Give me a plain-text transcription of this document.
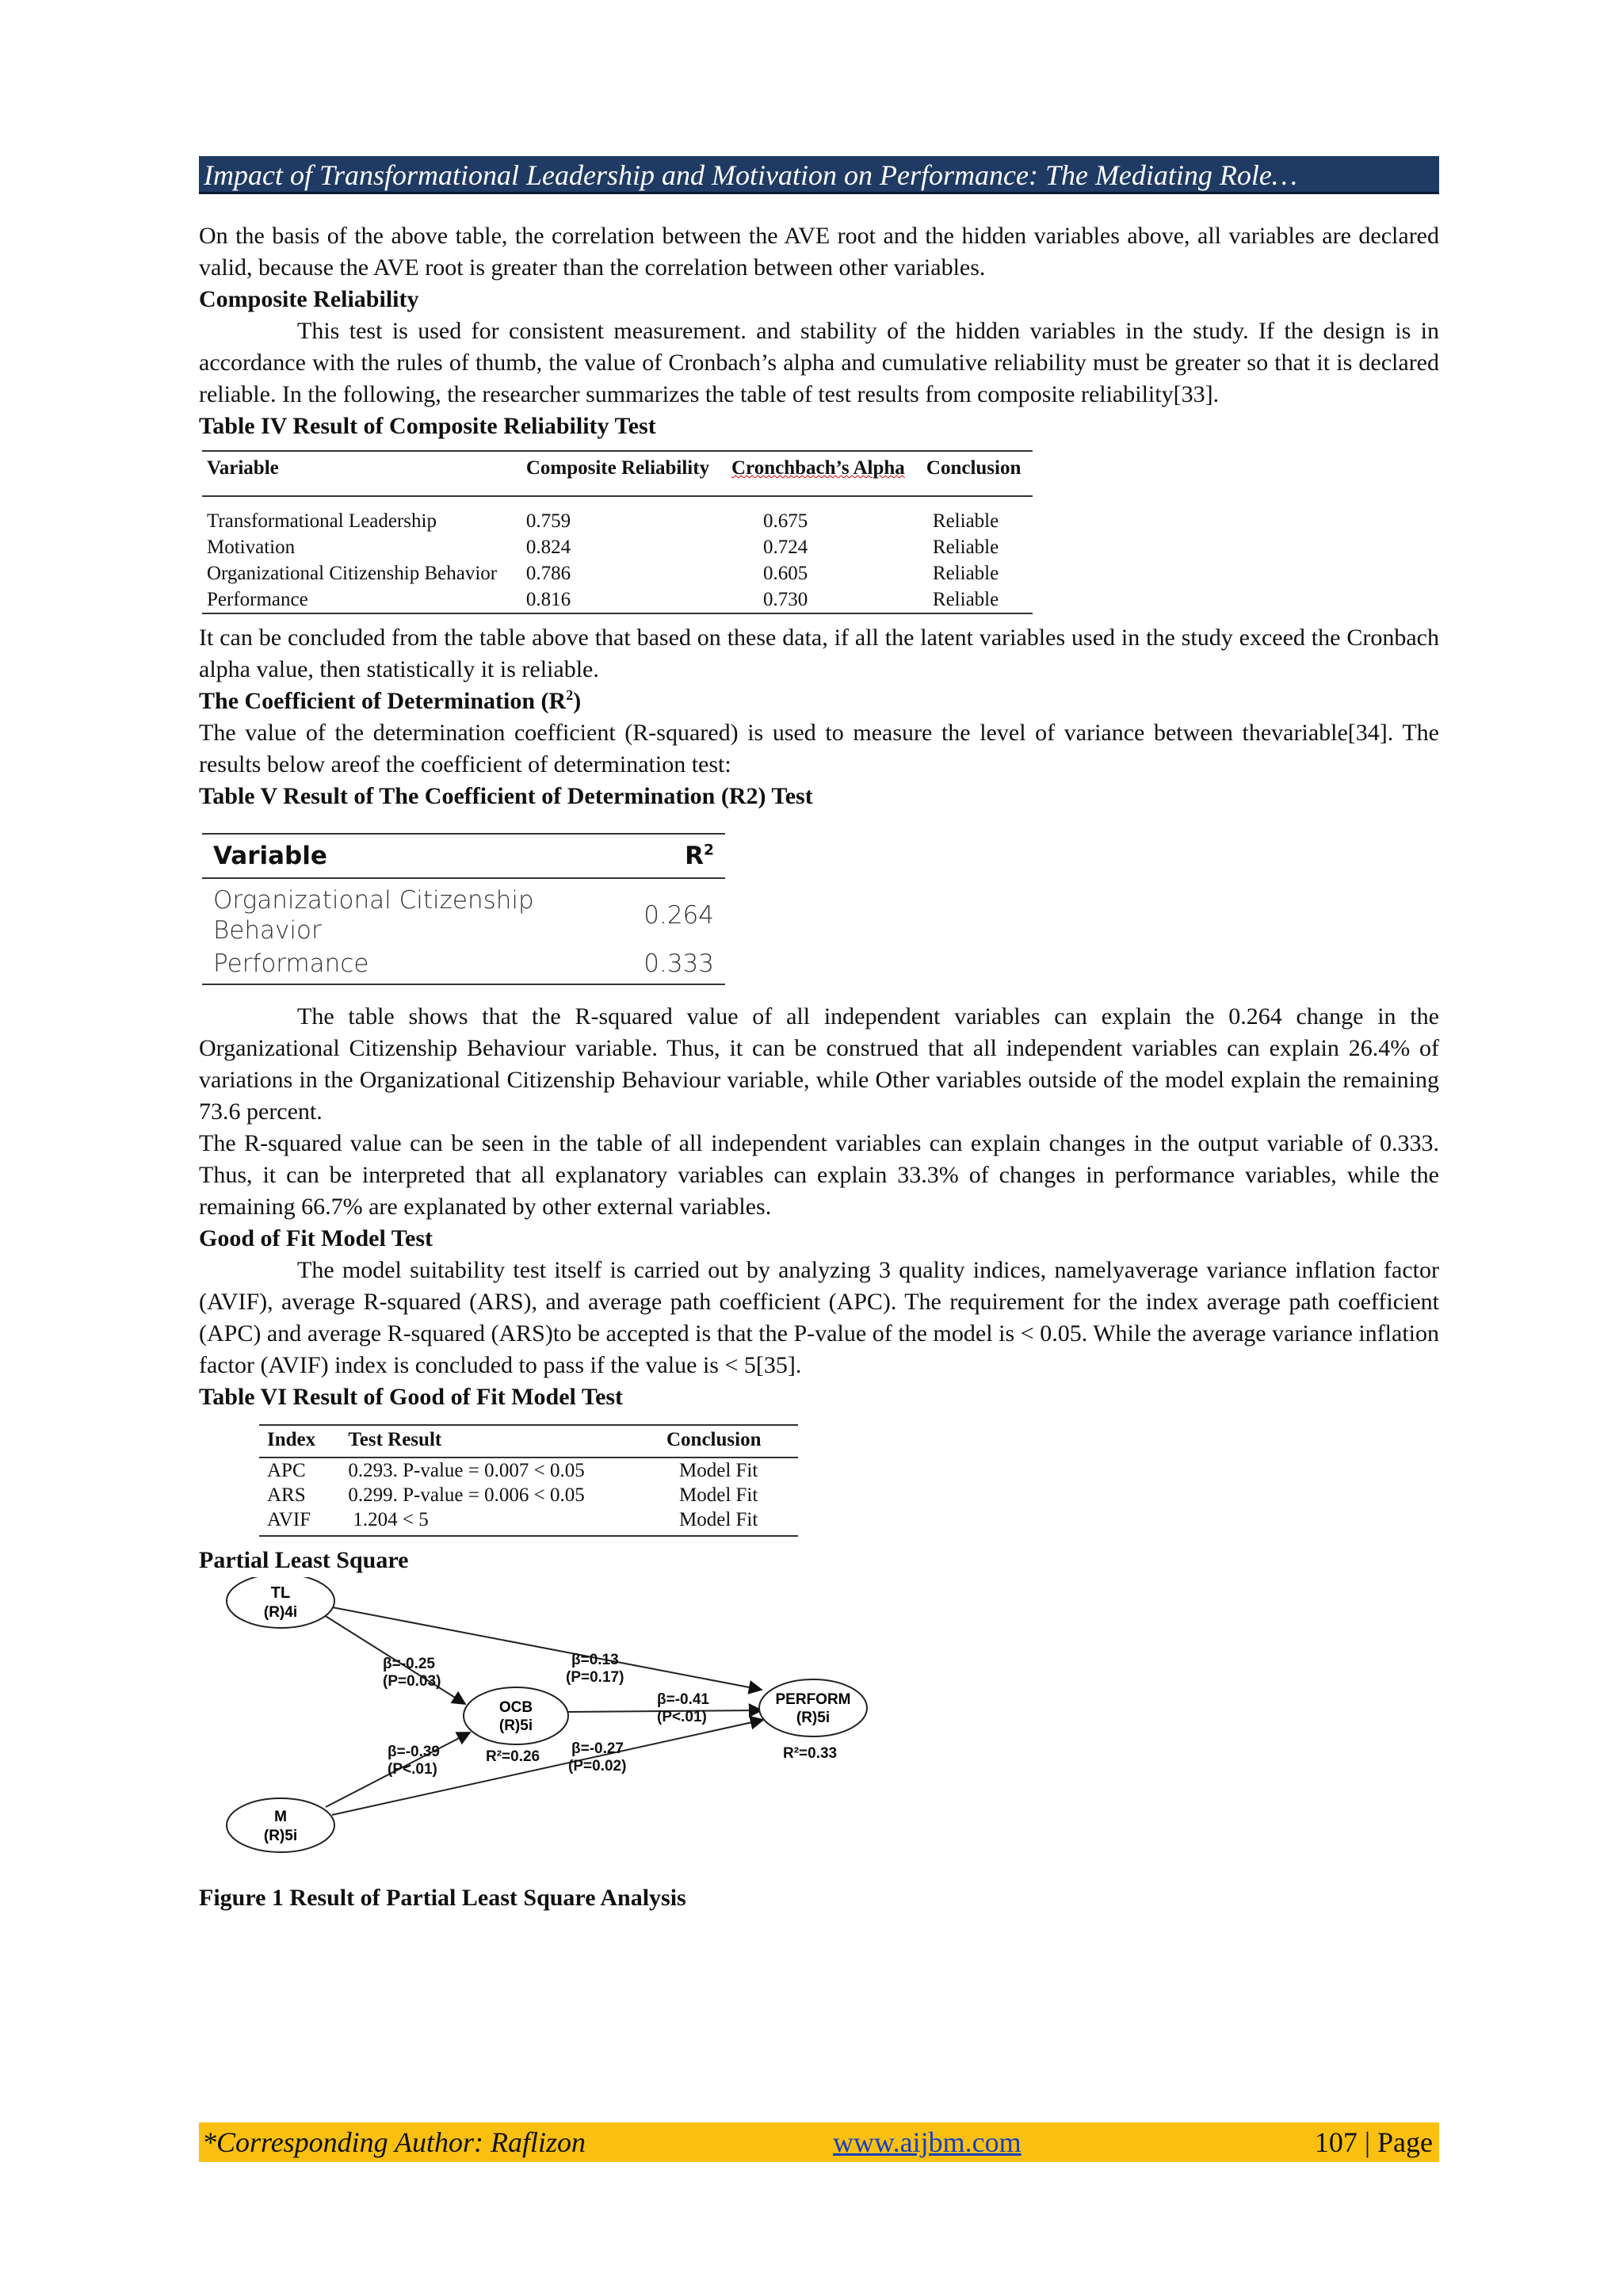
Impact of Transformational Leadership and Motivation on Performance: The Mediating Role…

On the basis of the above table, the correlation between the AVE root and the hidden variables above, all variables are declared valid, because the AVE root is greater than the correlation between other variables.

Composite Reliability

This test is used for consistent measurement. and stability of the hidden variables in the study. If the design is in accordance with the rules of thumb, the value of Cronbach’s alpha and cumulative reliability must be greater so that it is declared reliable. In the following, the researcher summarizes the table of test results from composite reliability[33].

Table IV Result of Composite Reliability Test

Variable	Composite Reliability	Cronchbach’s Alpha	Conclusion
Transformational Leadership	0.759	0.675	Reliable
Motivation	0.824	0.724	Reliable
Organizational Citizenship Behavior	0.786	0.605	Reliable
Performance	0.816	0.730	Reliable

It can be concluded from the table above that based on these data, if all the latent variables used in the study exceed the Cronbach alpha value, then statistically it is reliable.

The Coefficient of Determination $(R^2)$

The value of the determination coefficient (R-squared) is used to measure the level of variance between thevariable[34]. The results below areof the coefficient of determination test:

Table V Result of The Coefficient of Determination (R2) Test

Variable	$R^2$
Organizational Citizenship Behavior	0.264
Performance	0.333

The table shows that the R-squared value of all independent variables can explain the 0.264 change in the Organizational Citizenship Behaviour variable. Thus, it can be construed that all independent variables can explain 26.4% of variations in the Organizational Citizenship Behaviour variable, while Other variables outside of the model explain the remaining 73.6 percent.

The R-squared value can be seen in the table of all independent variables can explain changes in the output variable of 0.333. Thus, it can be interpreted that all explanatory variables can explain 33.3% of changes in performance variables, while the remaining 66.7% are explanated by other external variables.

Good of Fit Model Test

The model suitability test itself is carried out by analyzing 3 quality indices, namelyaverage variance inflation factor (AVIF), average R-squared (ARS), and average path coefficient (APC). The requirement for the index average path coefficient (APC) and average R-squared (ARS)to be accepted is that the P-value of the model is < 0.05. While the average variance inflation factor (AVIF) index is concluded to pass if the value is < 5[35].

Table VI Result of Good of Fit Model Test

Index	Test Result	Conclusion
APC	0.293. P-value = 0.007 < 0.05	Model Fit
ARS	0.299. P-value = 0.006 < 0.05	Model Fit
AVIF	1.204 < 5	Model Fit

Partial Least Square

TL
(R)4i
OCB
(R)5i
PERFORM
(R)5i
M
(R)5i
β=-0.25
(P=0.03)
β=0.13
(P=0.17)
β=-0.41
(P<.01)
β=-0.39
(P<.01)
β=-0.27
(P=0.02)
R²=0.26	R²=0.33
Figure 1 Result of Partial Least Square Analysis
*Corresponding Author: Raflizon	www.aijbm.com	107 | Page
